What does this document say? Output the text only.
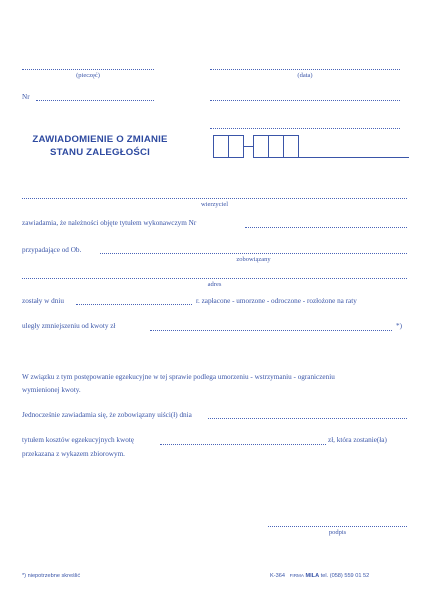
(pieczęć)	(data)
Nr
ZAWIADOMIENIE O ZMIANIE
STANU ZALEGŁOŚCI
wierzyciel
zawiadamia, że należności objęte tytułem wykonawczym Nr
przypadające od Ob.
zobowiązany
adres
zostały w dniu	r. zapłacone - umorzone - odroczone - rozłożone na raty
uległy zmniejszeniu od kwoty zł	*)
W związku z tym postępowanie egzekucyjne w tej sprawie podlega umorzeniu - wstrzymaniu - ograniczeniu
wymienionej kwoty.
Jednocześnie zawiadamia się, że zobowiązany uiści(ł) dnia
tytułem kosztów egzekucyjnych kwotę	zł, która zostanie(ła)
przekazana z wykazem zbiorowym.
podpis
*) niepotrzebne skreślić	K-364 FIRMA MILA tel. (058) 559 01 52
